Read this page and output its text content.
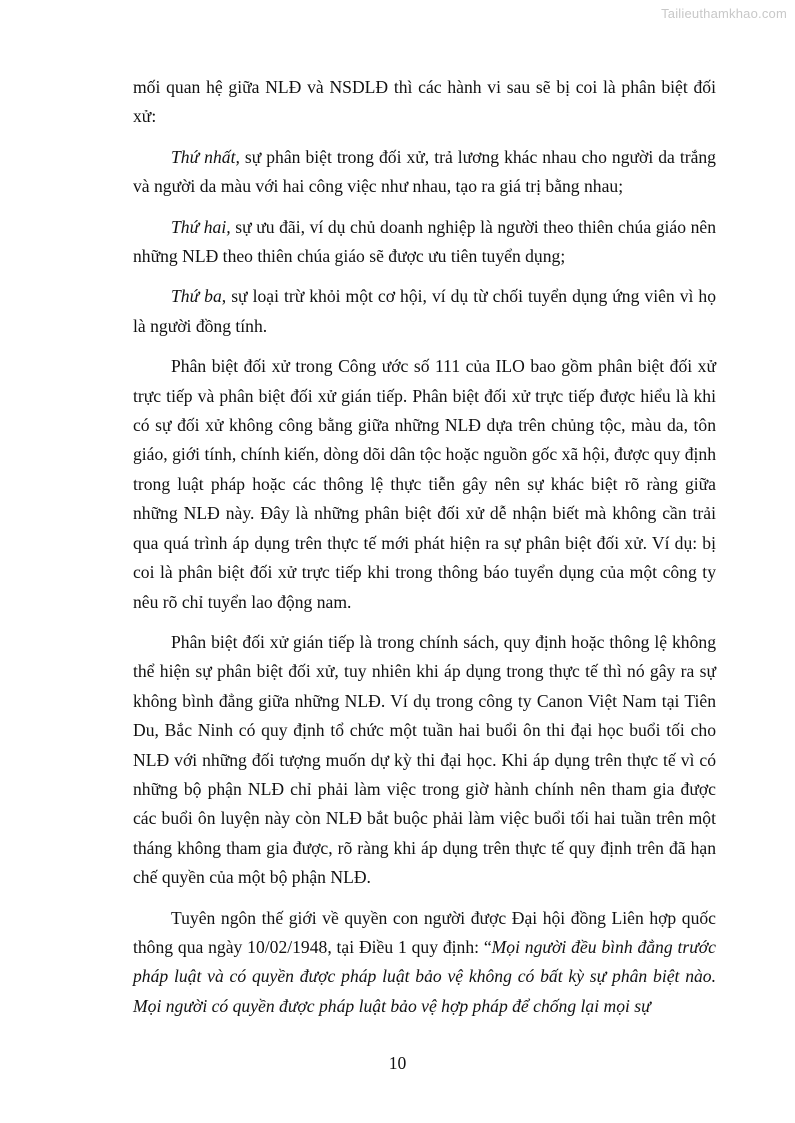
Tailieuthamkhao.com

mối quan hệ giữa NLĐ và NSDLĐ thì các hành vi sau sẽ bị coi là phân biệt đối xử:

Thứ nhất, sự phân biệt trong đối xử, trả lương khác nhau cho người da trắng và người da màu với hai công việc như nhau, tạo ra giá trị bằng nhau;

Thứ hai, sự ưu đãi, ví dụ chủ doanh nghiệp là người theo thiên chúa giáo nên những NLĐ theo thiên chúa giáo sẽ được ưu tiên tuyển dụng;

Thứ ba, sự loại trừ khỏi một cơ hội, ví dụ từ chối tuyển dụng ứng viên vì họ là người đồng tính.

Phân biệt đối xử trong Công ước số 111 của ILO bao gồm phân biệt đối xử trực tiếp và phân biệt đối xử gián tiếp. Phân biệt đối xử trực tiếp được hiểu là khi có sự đối xử không công bằng giữa những NLĐ dựa trên chủng tộc, màu da, tôn giáo, giới tính, chính kiến, dòng dõi dân tộc hoặc nguồn gốc xã hội, được quy định trong luật pháp hoặc các thông lệ thực tiễn gây nên sự khác biệt rõ ràng giữa những NLĐ này. Đây là những phân biệt đối xử dễ nhận biết mà không cần trải qua quá trình áp dụng trên thực tế mới phát hiện ra sự phân biệt đối xử. Ví dụ: bị coi là phân biệt đối xử trực tiếp khi trong thông báo tuyển dụng của một công ty nêu rõ chỉ tuyển lao động nam.

Phân biệt đối xử gián tiếp là trong chính sách, quy định hoặc thông lệ không thể hiện sự phân biệt đối xử, tuy nhiên khi áp dụng trong thực tế thì nó gây ra sự không bình đẳng giữa những NLĐ. Ví dụ trong công ty Canon Việt Nam tại Tiên Du, Bắc Ninh có quy định tổ chức một tuần hai buổi ôn thi đại học buổi tối cho NLĐ với những đối tượng muốn dự kỳ thi đại học. Khi áp dụng trên thực tế vì có những bộ phận NLĐ chỉ phải làm việc trong giờ hành chính nên tham gia được các buổi ôn luyện này còn NLĐ bắt buộc phải làm việc buổi tối hai tuần trên một tháng không tham gia được, rõ ràng khi áp dụng trên thực tế quy định trên đã hạn chế quyền của một bộ phận NLĐ.

Tuyên ngôn thế giới về quyền con người được Đại hội đồng Liên hợp quốc thông qua ngày 10/02/1948, tại Điều 1 quy định: “Mọi người đều bình đẳng trước pháp luật và có quyền được pháp luật bảo vệ không có bất kỳ sự phân biệt nào. Mọi người có quyền được pháp luật bảo vệ hợp pháp để chống lại mọi sự

10
